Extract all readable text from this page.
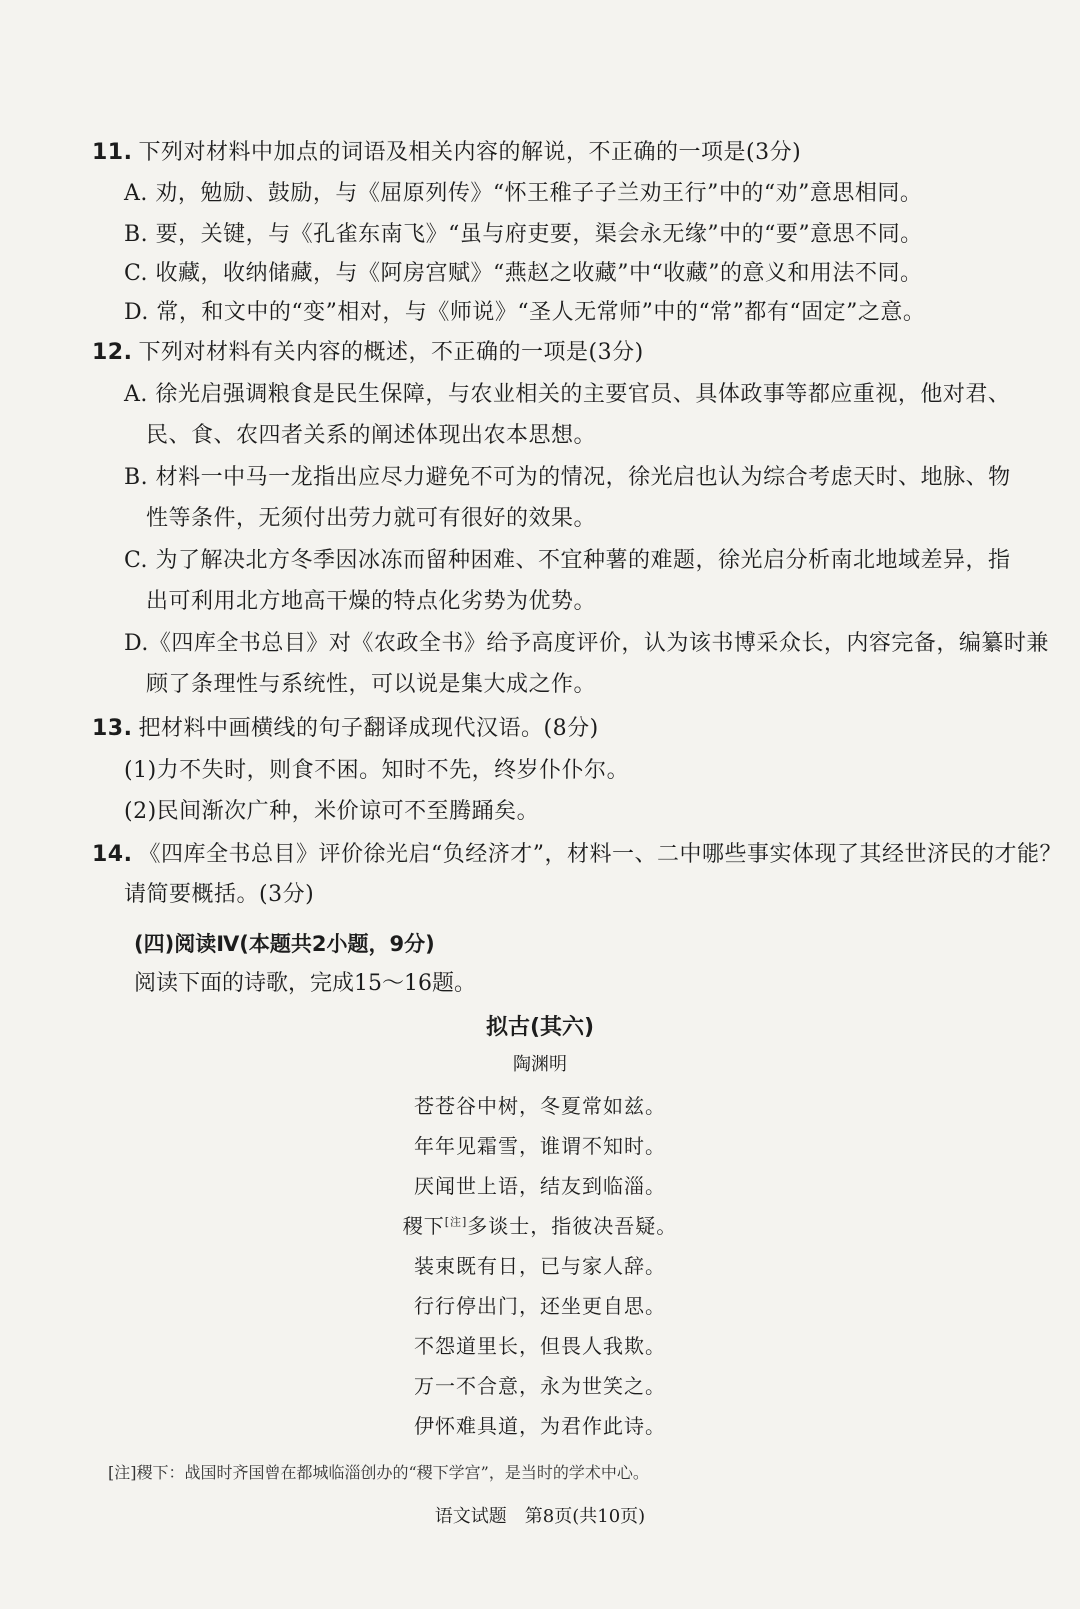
11. 下列对材料中加点的词语及相关内容的解说，不正确的一项是(3分)
A. 劝，勉励、鼓励，与《屈原列传》“怀王稚子子兰劝王行”中的“劝”意思相同。
B. 要，关键，与《孔雀东南飞》“虽与府吏要，渠会永无缘”中的“要”意思不同。
C. 收藏，收纳储藏，与《阿房宫赋》“燕赵之收藏”中“收藏”的意义和用法不同。
D. 常，和文中的“变”相对，与《师说》“圣人无常师”中的“常”都有“固定”之意。
12. 下列对材料有关内容的概述，不正确的一项是(3分)
A. 徐光启强调粮食是民生保障，与农业相关的主要官员、具体政事等都应重视，他对君、
民、食、农四者关系的阐述体现出农本思想。
B. 材料一中马一龙指出应尽力避免不可为的情况，徐光启也认为综合考虑天时、地脉、物
性等条件，无须付出劳力就可有很好的效果。
C. 为了解决北方冬季因冰冻而留种困难、不宜种薯的难题，徐光启分析南北地域差异，指
出可利用北方地高干燥的特点化劣势为优势。
D.《四库全书总目》对《农政全书》给予高度评价，认为该书博采众长，内容完备，编纂时兼
顾了条理性与系统性，可以说是集大成之作。
13. 把材料中画横线的句子翻译成现代汉语。(8分)
(1)力不失时，则食不困。知时不先，终岁仆仆尔。
(2)民间渐次广种，米价谅可不至腾踊矣。
14. 《四库全书总目》评价徐光启“负经济才”，材料一、二中哪些事实体现了其经世济民的才能？
请简要概括。(3分)
(四)阅读Ⅳ(本题共2小题，9分)
阅读下面的诗歌，完成15～16题。
拟古(其六)
陶渊明
苍苍谷中树，冬夏常如兹。
年年见霜雪，谁谓不知时。
厌闻世上语，结友到临淄。
稷下[注]多谈士，指彼决吾疑。
装束既有日，已与家人辞。
行行停出门，还坐更自思。
不怨道里长，但畏人我欺。
万一不合意，永为世笑之。
伊怀难具道，为君作此诗。
[注]稷下：战国时齐国曾在都城临淄创办的“稷下学宫”，是当时的学术中心。
语文试题　第8页(共10页)
